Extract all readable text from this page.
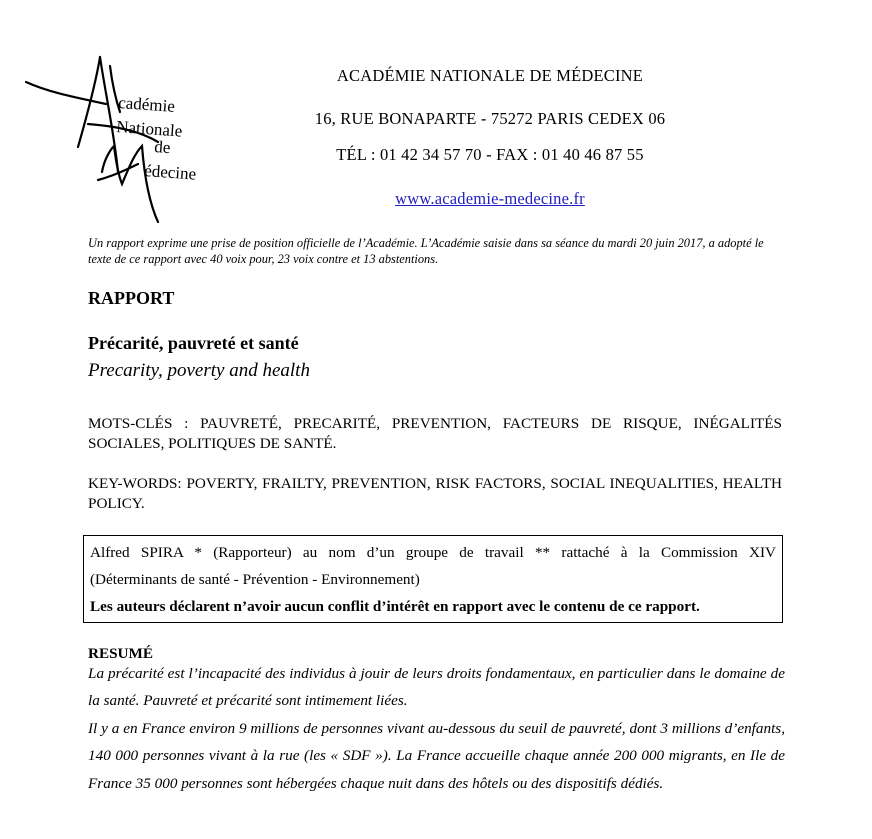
cadémie
Nationale
de
édecine
ACADÉMIE NATIONALE DE MÉDECINE
16, RUE BONAPARTE - 75272 PARIS CEDEX 06
TÉL : 01 42 34 57 70 - FAX : 01 40 46 87 55
www.academie-medecine.fr
Un rapport exprime une prise de position officielle de l’Académie. L’Académie saisie dans sa séance du mardi 20 juin 2017, a adopté le texte de ce rapport avec 40 voix pour, 23 voix contre et 13 abstentions.
RAPPORT
Précarité, pauvreté et santé
Precarity, poverty and health
MOTS-CLÉS : PAUVRETÉ, PRECARITÉ, PREVENTION, FACTEURS DE RISQUE, INÉGALITÉS SOCIALES, POLITIQUES DE SANTÉ.
KEY-WORDS: POVERTY, FRAILTY, PREVENTION, RISK FACTORS, SOCIAL INEQUALITIES, HEALTH POLICY.
Alfred SPIRA * (Rapporteur) au nom d’un groupe de travail ** rattaché à la Commission XIV
(Déterminants de santé - Prévention - Environnement)
Les auteurs déclarent n’avoir aucun conflit d’intérêt en rapport avec le contenu de ce rapport.
RESUMÉ

La précarité est l’incapacité des individus à jouir de leurs droits fondamentaux, en particulier dans le domaine de la santé. Pauvreté et précarité sont intimement liées.

Il y a en France environ 9 millions de personnes vivant au-dessous du seuil de pauvreté, dont 3 millions d’enfants, 140 000 personnes vivant à la rue (les « SDF »). La France accueille chaque année 200 000 migrants, en Ile de France 35 000 personnes sont hébergées chaque nuit dans des hôtels ou des dispositifs dédiés.
